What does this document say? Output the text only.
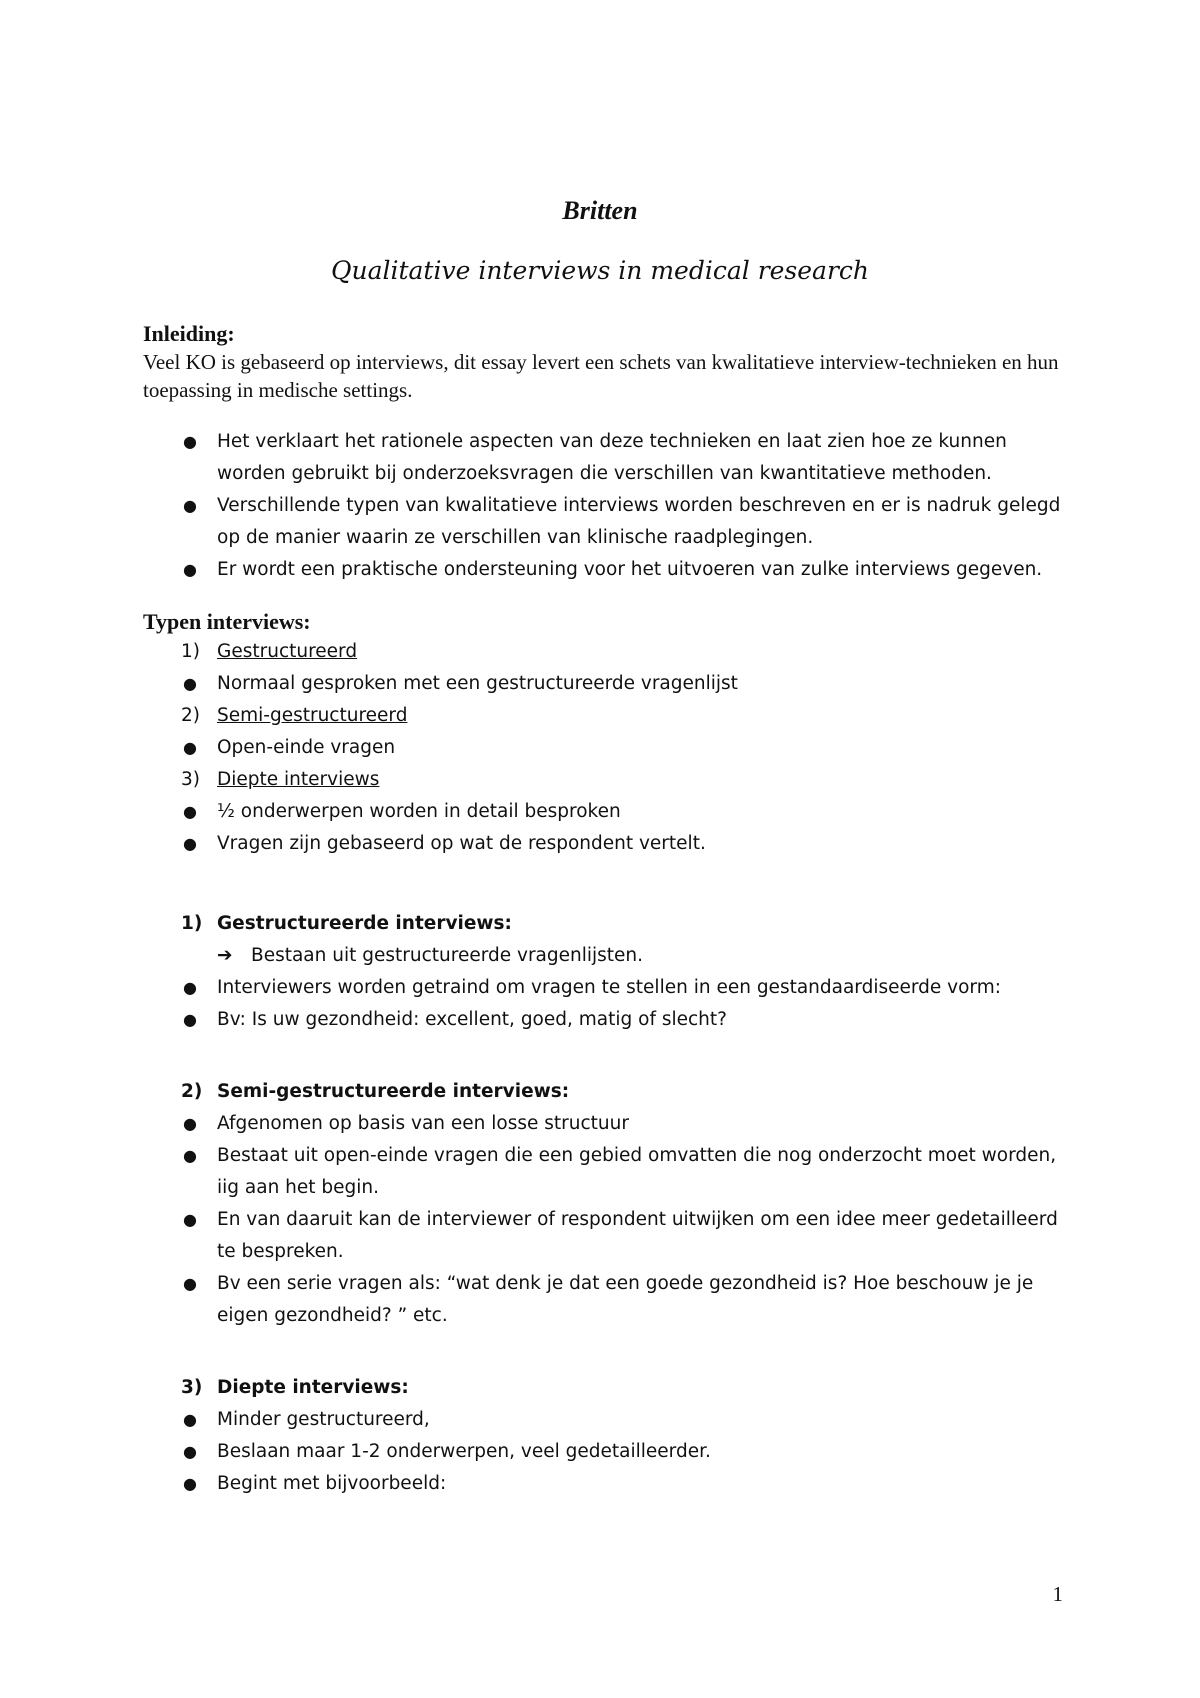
Britten
Qualitative interviews in medical research
Inleiding:

Veel KO is gebaseerd op interviews, dit essay levert een schets van kwalitatieve interview-technieken en hun toepassing in medische settings.

● Het verklaart het rationele aspecten van deze technieken en laat zien hoe ze kunnen worden gebruikt bij onderzoeksvragen die verschillen van kwantitatieve methoden.
● Verschillende typen van kwalitatieve interviews worden beschreven en er is nadruk gelegd op de manier waarin ze verschillen van klinische raadplegingen.
● Er wordt een praktische ondersteuning voor het uitvoeren van zulke interviews gegeven.
Typen interviews:
1) Gestructureerd
● Normaal gesproken met een gestructureerde vragenlijst
2) Semi-gestructureerd
● Open-einde vragen
3) Diepte interviews
● ½ onderwerpen worden in detail besproken
● Vragen zijn gebaseerd op wat de respondent vertelt.
1) Gestructureerde interviews:
➔ Bestaan uit gestructureerde vragenlijsten.
● Interviewers worden getraind om vragen te stellen in een gestandaardiseerde vorm:
● Bv: Is uw gezondheid: excellent, goed, matig of slecht?
2) Semi-gestructureerde interviews:
● Afgenomen op basis van een losse structuur
● Bestaat uit open-einde vragen die een gebied omvatten die nog onderzocht moet worden, iig aan het begin.
● En van daaruit kan de interviewer of respondent uitwijken om een idee meer gedetailleerd te bespreken.
● Bv een serie vragen als: “wat denk je dat een goede gezondheid is? Hoe beschouw je je eigen gezondheid? ” etc.
3) Diepte interviews:
● Minder gestructureerd,
● Beslaan maar 1-2 onderwerpen, veel gedetailleerder.
● Begint met bijvoorbeeld:
1
